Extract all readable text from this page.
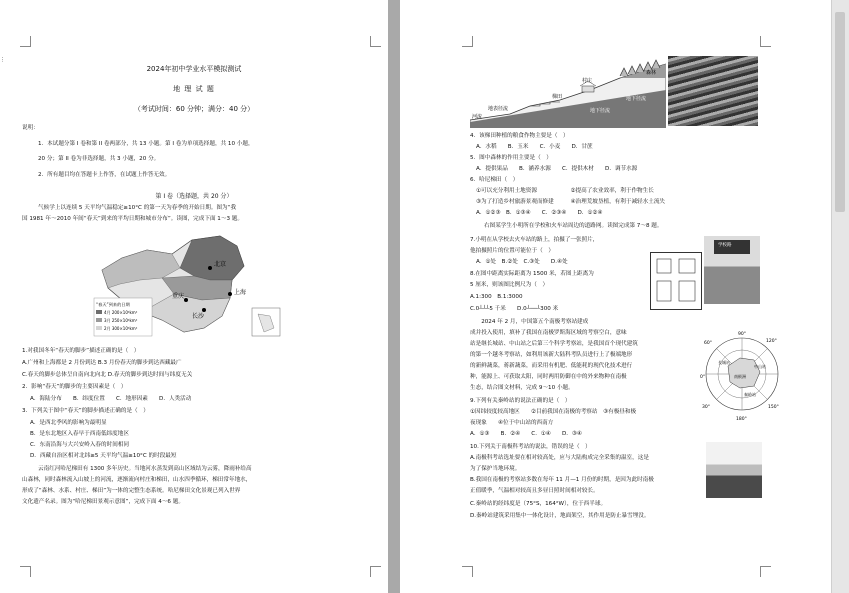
⋮
2024年初中学业水平模拟测试
地 理 试 题
（考试时间：60 分钟；满分：40 分）
说明：
1．本试题分第 I 卷和第 II 卷两部分，共 13 小题。第 I 卷为单项选择题，共 10 小题，
20 分；第 II 卷为非选择题，共 3 小题，20 分。
2．所有题目均在答题卡上作答，在试题上作答无效。
第 I 卷（选择题，共 20 分）
气候学上以连续 5 天平均气温稳定≥10°C 的第一天为春季的开始日期。图为“我
国 1981 年～2010 年间“春天”到来的平均日期和城市分布”。读图，完成下面 1～3 题。
北京
上海
长沙
重庆
“春天”到来的日期
4月 200×10⁴km²
3月 250×10⁴km²
2月 300×10⁴km²
1.对我国冬年“春天的脚步”描述正确的是（　）
A.广州和上海都是 2 月份到达 B.3 月份春天的脚步到达西藏最广
C.春天的脚步总体呈自南向北向北 D.春天的脚步到达时间与纬度无关
2．影响“春天”的脚步的主要因素是（　）
A．海陆分布　　B．纬度位置　　C．地形因素　　D．人类活动
3．下列关于图中“春天”的脚步描述正确的是（　）
A．是西北季风的影响为最明显
B．是东北地区入春早于西南低纬度地区
C．东南沿海与大兴安岭入春的时间相同
D．西藏自治区相对北纬≥5 天平均气温≥10°C 的时段最短
云南红河哈尼梯田有 1300 多年历史。当地河水蒸发到高山区域结为云雾，降雨补给高
山森林，同时森林流入山坡上的河流，逐渐流向村庄和梯田，山水四季循环，梯田常年地水，
形成了“森林、水系、村庄、梯田”为一体的完整生态系统。哈尼梯田文化景观已列入世界
文化遗产名录。图为“哈尼梯田景观示意图”，完成下面 4～6 题。
森林
村庄
梯田
地表径流
地下径流
地下径流
河流
4．该梯田种植的粮食作物主要是（　）
A．水稻　　B．玉米　　C．小麦　　D．甘蔗
5．图中森林的作用主要是（　）
A．提供果品　　B．涵养水源　　C．提供木材　　D．调节水源
6．哈尼梯田（　）
①可以充分利用土地资源　　　　　　②提高了农业效率，利于作物生长
③为了打造乡村旅游景观而修建　　　④治理荒坡垦植，有利于减轻水土流失
A．①②③　B．①③④　　C．②③④　　D．①②④
右图某学生小明所在学校和火车站周边的道路网。读图完成第 7～8 题。
7.小明在从学校去火车站的路上，拍摄了一张照片，
他拍摄照片的位置可能位于（　）
A．①处　B.②处　C.③处　　D.④处
8.在图中距离实际距离为 1500 米，若图上距离为
5 厘米，则该图比例尺为（　）
A.1:300　B.1:3000
C.0┴┴┴5 千米　　D.0┴──┴300 米
学校路
　　2024 年 2 月，中国第五个南极考察站建成
成并投入使用，填补了我国在南极罗斯海区域的考察空白，意味
站是继长城站、中山站之后第三个科学考察站，是我国首个现代建筑
的第一个越冬考察站，如利用该新大陆科考队员进行上了极端地形
的新鲜蔬菜，蒋新蔬菜，而采用有机肥、低能耗的现代化技术进行
种，能源上、可获取太阳，同时两用防御在中的外来物种在南极
生态，结合图文材料，完成 9～10 小题。
90°
120°
60°
150°
180°
30°
0°
长城站
中山站
秦岭站
南极洲
9.下列有关秦岭站的说法正确的是（　）
①因纬较度较高地区　　②目前我国在南极的考察站　③有极昼和极
夜现象　　④位于中山站的西南方
A．①③　　B．②④　　C．①④　　D．③④
10.下列关于南极科考站的说法，错误的是（　）
A.南极科考站选址要在相对较高处，应与大陆构成完全采集的温室，这是
为了保护当地环境。
B.我国在南极的考察站多数在每年 11 月—1 月份的时期，是因为此时南极
正值暖季，气温相对较高且多昼日照时间相对较长。
C.秦岭站的经纬度是（75°S，164°W），位于西半球。
D.秦岭站建筑采用集中一体化设计，地面架空，其作用是防止暴雪埋没。
